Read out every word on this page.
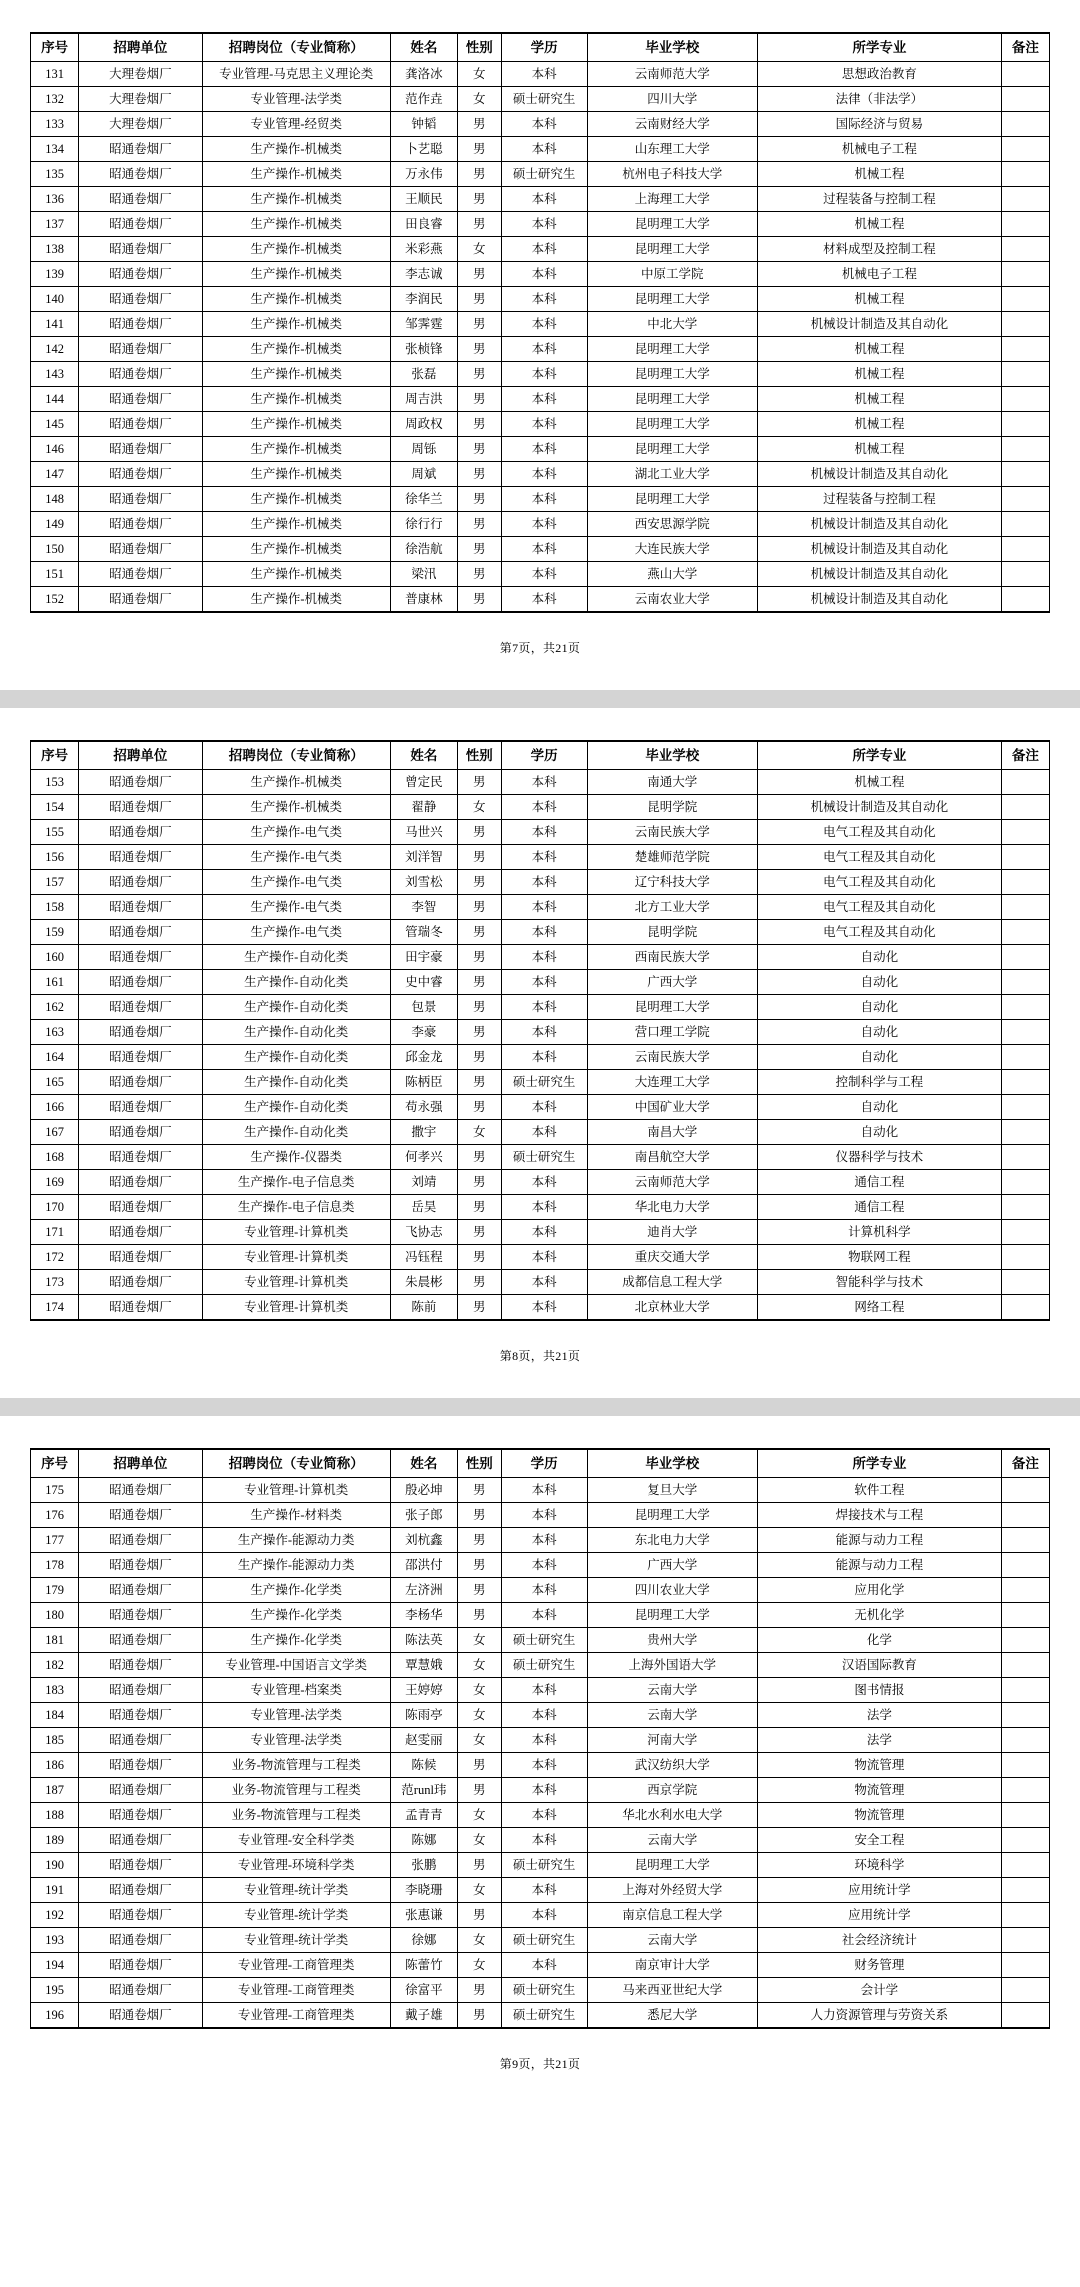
序号	招聘单位	招聘岗位（专业简称）	姓名	性别	学历	毕业学校	所学专业	备注
131	大理卷烟厂	专业管理-马克思主义理论类	龚洛冰	女	本科	云南师范大学	思想政治教育	
132	大理卷烟厂	专业管理-法学类	范作垚	女	硕士研究生	四川大学	法律（非法学）	
133	大理卷烟厂	专业管理-经贸类	钟韬	男	本科	云南财经大学	国际经济与贸易	
134	昭通卷烟厂	生产操作-机械类	卜艺聪	男	本科	山东理工大学	机械电子工程	
135	昭通卷烟厂	生产操作-机械类	万永伟	男	硕士研究生	杭州电子科技大学	机械工程	
136	昭通卷烟厂	生产操作-机械类	王顺民	男	本科	上海理工大学	过程装备与控制工程	
137	昭通卷烟厂	生产操作-机械类	田良睿	男	本科	昆明理工大学	机械工程	
138	昭通卷烟厂	生产操作-机械类	米彩燕	女	本科	昆明理工大学	材料成型及控制工程	
139	昭通卷烟厂	生产操作-机械类	李志诚	男	本科	中原工学院	机械电子工程	
140	昭通卷烟厂	生产操作-机械类	李润民	男	本科	昆明理工大学	机械工程	
141	昭通卷烟厂	生产操作-机械类	邹霁霆	男	本科	中北大学	机械设计制造及其自动化	
142	昭通卷烟厂	生产操作-机械类	张桢锋	男	本科	昆明理工大学	机械工程	
143	昭通卷烟厂	生产操作-机械类	张磊	男	本科	昆明理工大学	机械工程	
144	昭通卷烟厂	生产操作-机械类	周吉洪	男	本科	昆明理工大学	机械工程	
145	昭通卷烟厂	生产操作-机械类	周政权	男	本科	昆明理工大学	机械工程	
146	昭通卷烟厂	生产操作-机械类	周铄	男	本科	昆明理工大学	机械工程	
147	昭通卷烟厂	生产操作-机械类	周斌	男	本科	湖北工业大学	机械设计制造及其自动化	
148	昭通卷烟厂	生产操作-机械类	徐华兰	男	本科	昆明理工大学	过程装备与控制工程	
149	昭通卷烟厂	生产操作-机械类	徐行行	男	本科	西安思源学院	机械设计制造及其自动化	
150	昭通卷烟厂	生产操作-机械类	徐浩航	男	本科	大连民族大学	机械设计制造及其自动化	
151	昭通卷烟厂	生产操作-机械类	梁汛	男	本科	燕山大学	机械设计制造及其自动化	
152	昭通卷烟厂	生产操作-机械类	普康林	男	本科	云南农业大学	机械设计制造及其自动化	
第7页，共21页
序号	招聘单位	招聘岗位（专业简称）	姓名	性别	学历	毕业学校	所学专业	备注
153	昭通卷烟厂	生产操作-机械类	曾定民	男	本科	南通大学	机械工程	
154	昭通卷烟厂	生产操作-机械类	翟静	女	本科	昆明学院	机械设计制造及其自动化	
155	昭通卷烟厂	生产操作-电气类	马世兴	男	本科	云南民族大学	电气工程及其自动化	
156	昭通卷烟厂	生产操作-电气类	刘洋智	男	本科	楚雄师范学院	电气工程及其自动化	
157	昭通卷烟厂	生产操作-电气类	刘雪松	男	本科	辽宁科技大学	电气工程及其自动化	
158	昭通卷烟厂	生产操作-电气类	李智	男	本科	北方工业大学	电气工程及其自动化	
159	昭通卷烟厂	生产操作-电气类	管瑞冬	男	本科	昆明学院	电气工程及其自动化	
160	昭通卷烟厂	生产操作-自动化类	田宇豪	男	本科	西南民族大学	自动化	
161	昭通卷烟厂	生产操作-自动化类	史中睿	男	本科	广西大学	自动化	
162	昭通卷烟厂	生产操作-自动化类	包景	男	本科	昆明理工大学	自动化	
163	昭通卷烟厂	生产操作-自动化类	李豪	男	本科	营口理工学院	自动化	
164	昭通卷烟厂	生产操作-自动化类	邱金龙	男	本科	云南民族大学	自动化	
165	昭通卷烟厂	生产操作-自动化类	陈柄臣	男	硕士研究生	大连理工大学	控制科学与工程	
166	昭通卷烟厂	生产操作-自动化类	苟永强	男	本科	中国矿业大学	自动化	
167	昭通卷烟厂	生产操作-自动化类	撒宇	女	本科	南昌大学	自动化	
168	昭通卷烟厂	生产操作-仪器类	何孝兴	男	硕士研究生	南昌航空大学	仪器科学与技术	
169	昭通卷烟厂	生产操作-电子信息类	刘靖	男	本科	云南师范大学	通信工程	
170	昭通卷烟厂	生产操作-电子信息类	岳昊	男	本科	华北电力大学	通信工程	
171	昭通卷烟厂	专业管理-计算机类	飞协志	男	本科	迪肖大学	计算机科学	
172	昭通卷烟厂	专业管理-计算机类	冯钰程	男	本科	重庆交通大学	物联网工程	
173	昭通卷烟厂	专业管理-计算机类	朱晨彬	男	本科	成都信息工程大学	智能科学与技术	
174	昭通卷烟厂	专业管理-计算机类	陈前	男	本科	北京林业大学	网络工程	
第8页，共21页
序号	招聘单位	招聘岗位（专业简称）	姓名	性别	学历	毕业学校	所学专业	备注
175	昭通卷烟厂	专业管理-计算机类	殷必坤	男	本科	复旦大学	软件工程	
176	昭通卷烟厂	生产操作-材料类	张子郎	男	本科	昆明理工大学	焊接技术与工程	
177	昭通卷烟厂	生产操作-能源动力类	刘杭鑫	男	本科	东北电力大学	能源与动力工程	
178	昭通卷烟厂	生产操作-能源动力类	邵洪付	男	本科	广西大学	能源与动力工程	
179	昭通卷烟厂	生产操作-化学类	左济洲	男	本科	四川农业大学	应用化学	
180	昭通卷烟厂	生产操作-化学类	李杨华	男	本科	昆明理工大学	无机化学	
181	昭通卷烟厂	生产操作-化学类	陈法英	女	硕士研究生	贵州大学	化学	
182	昭通卷烟厂	专业管理-中国语言文学类	覃慧娥	女	硕士研究生	上海外国语大学	汉语国际教育	
183	昭通卷烟厂	专业管理-档案类	王婷婷	女	本科	云南大学	图书情报	
184	昭通卷烟厂	专业管理-法学类	陈雨亭	女	本科	云南大学	法学	
185	昭通卷烟厂	专业管理-法学类	赵雯丽	女	本科	河南大学	法学	
186	昭通卷烟厂	业务-物流管理与工程类	陈候	男	本科	武汉纺织大学	物流管理	
187	昭通卷烟厂	业务-物流管理与工程类	范runl玮	男	本科	西京学院	物流管理	
188	昭通卷烟厂	业务-物流管理与工程类	孟青青	女	本科	华北水利水电大学	物流管理	
189	昭通卷烟厂	专业管理-安全科学类	陈娜	女	本科	云南大学	安全工程	
190	昭通卷烟厂	专业管理-环境科学类	张鹏	男	硕士研究生	昆明理工大学	环境科学	
191	昭通卷烟厂	专业管理-统计学类	李晓珊	女	本科	上海对外经贸大学	应用统计学	
192	昭通卷烟厂	专业管理-统计学类	张惠谦	男	本科	南京信息工程大学	应用统计学	
193	昭通卷烟厂	专业管理-统计学类	徐娜	女	硕士研究生	云南大学	社会经济统计	
194	昭通卷烟厂	专业管理-工商管理类	陈蕾竹	女	本科	南京审计大学	财务管理	
195	昭通卷烟厂	专业管理-工商管理类	徐富平	男	硕士研究生	马来西亚世纪大学	会计学	
196	昭通卷烟厂	专业管理-工商管理类	戴子雄	男	硕士研究生	悉尼大学	人力资源管理与劳资关系	
第9页，共21页
